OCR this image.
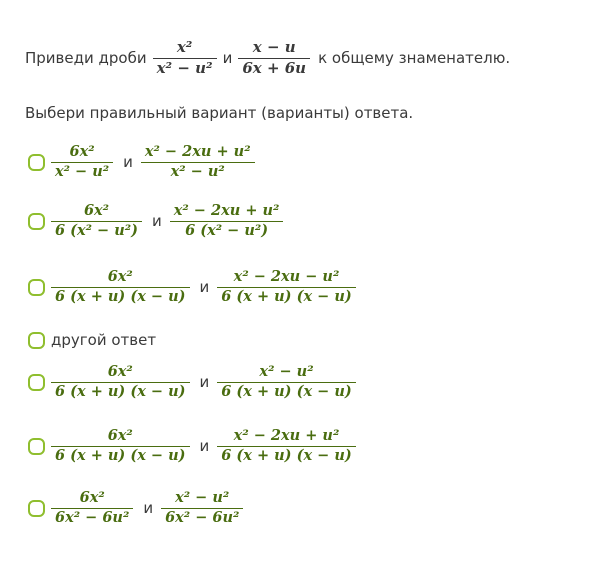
Приведи дроби $\frac{\text{x²}}{\text{x² − u²}}$ и $\frac{x - u}{6x + 6u}$ к общему знаменателю.
Выбери правильный вариант (варианты) ответа.
$\frac{\text{6x²}}{\text{x² − u²}}$ и $\frac{\text{x² − 2xu + u²}}{\text{x² − u²}}$
$\frac{\text{6x²}}{\text{6 (x² − u²)}}$ и $\frac{\text{x² − 2xu + u²}}{\text{6 (x² − u²)}}$
$\frac{\text{6x²}}{6 (x + u) (x - u)}$ и $\frac{\text{x² − 2xu − u²}}{6 (x + u) (x - u)}$
другой ответ
$\frac{\text{6x²}}{6 (x + u) (x - u)}$ и $\frac{\text{x² − u²}}{6 (x + u) (x - u)}$
$\frac{\text{6x²}}{6 (x + u) (x - u)}$ и $\frac{\text{x² − 2xu + u²}}{6 (x + u) (x - u)}$
$\frac{\text{6x²}}{\text{6x² − 6u²}}$ и $\frac{\text{x² − u²}}{\text{6x² − 6u²}}$
